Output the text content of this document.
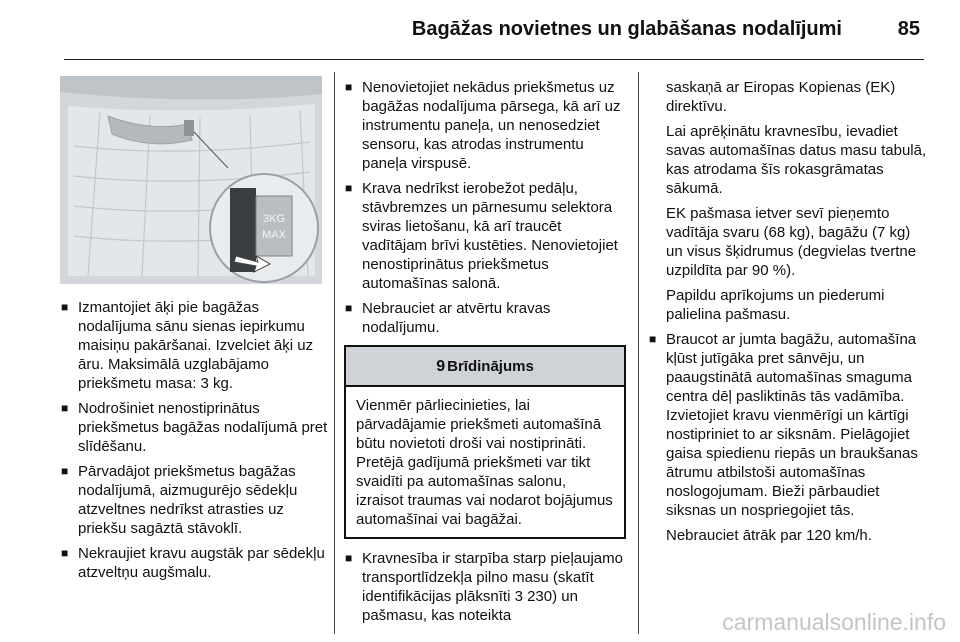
Bagāžas novietnes un glabāšanas nodalījumi	85
3KG
MAX
■ Izmantojiet āķi pie bagāžas nodalījuma sānu sienas iepirkumu maisiņu pakāršanai. Izvelciet āķi uz āru. Maksimālā uzglabājamo priekšmetu masa: 3 kg.
■ Nodrošiniet nenostiprinātus priekšmetus bagāžas nodalījumā pret slīdēšanu.
■ Pārvadājot priekšmetus bagāžas nodalījumā, aizmugurējo sēdekļu atzveltnes nedrīkst atrasties uz priekšu sagāztā stāvoklī.
■ Nekraujiet kravu augstāk par sēdekļu atzveltņu augšmalu.
■ Nenovietojiet nekādus priekšmetus uz bagāžas nodalījuma pārsega, kā arī uz instrumentu paneļa, un nenosedziet sensoru, kas atrodas instrumentu paneļa virspusē.
■ Krava nedrīkst ierobežot pedāļu, stāvbremzes un pārnesumu selektora sviras lietošanu, kā arī traucēt vadītājam brīvi kustēties. Nenovietojiet nenostiprinātus priekšmetus automašīnas salonā.
■ Nebrauciet ar atvērtu kravas nodalījumu.
9 Brīdinājums
Vienmēr pārliecinieties, lai pārvadājamie priekšmeti automašīnā būtu novietoti droši vai nostiprināti. Pretējā gadījumā priekšmeti var tikt svaidīti pa automašīnas salonu, izraisot traumas vai nodarot bojājumus automašīnai vai bagāžai.
■ Kravnesība ir starpība starp pieļaujamo transportlīdzekļa pilno masu (skatīt identifikācijas plāksnīti 3 230) un pašmasu, kas noteikta
saskaņā ar Eiropas Kopienas (EK) direktīvu.
Lai aprēķinātu kravnesību, ievadiet savas automašīnas datus masu tabulā, kas atrodama šīs rokasgrāmatas sākumā.
EK pašmasa ietver sevī pieņemto vadītāja svaru (68 kg), bagāžu (7 kg) un visus šķidrumus (degvielas tvertne uzpildīta par 90 %).
Papildu aprīkojums un piederumi palielina pašmasu.
■ Braucot ar jumta bagāžu, automašīna kļūst jutīgāka pret sānvēju, un paaugstinātā automašīnas smaguma centra dēļ pasliktinās tās vadāmība. Izvietojiet kravu vienmērīgi un kārtīgi nostipriniet to ar siksnām. Pielāgojiet gaisa spiedienu riepās un braukšanas ātrumu atbilstoši automašīnas noslogojumam. Bieži pārbaudiet siksnas un nospriegojiet tās.
Nebrauciet ātrāk par 120 km/h.
carmanualsonline.info
